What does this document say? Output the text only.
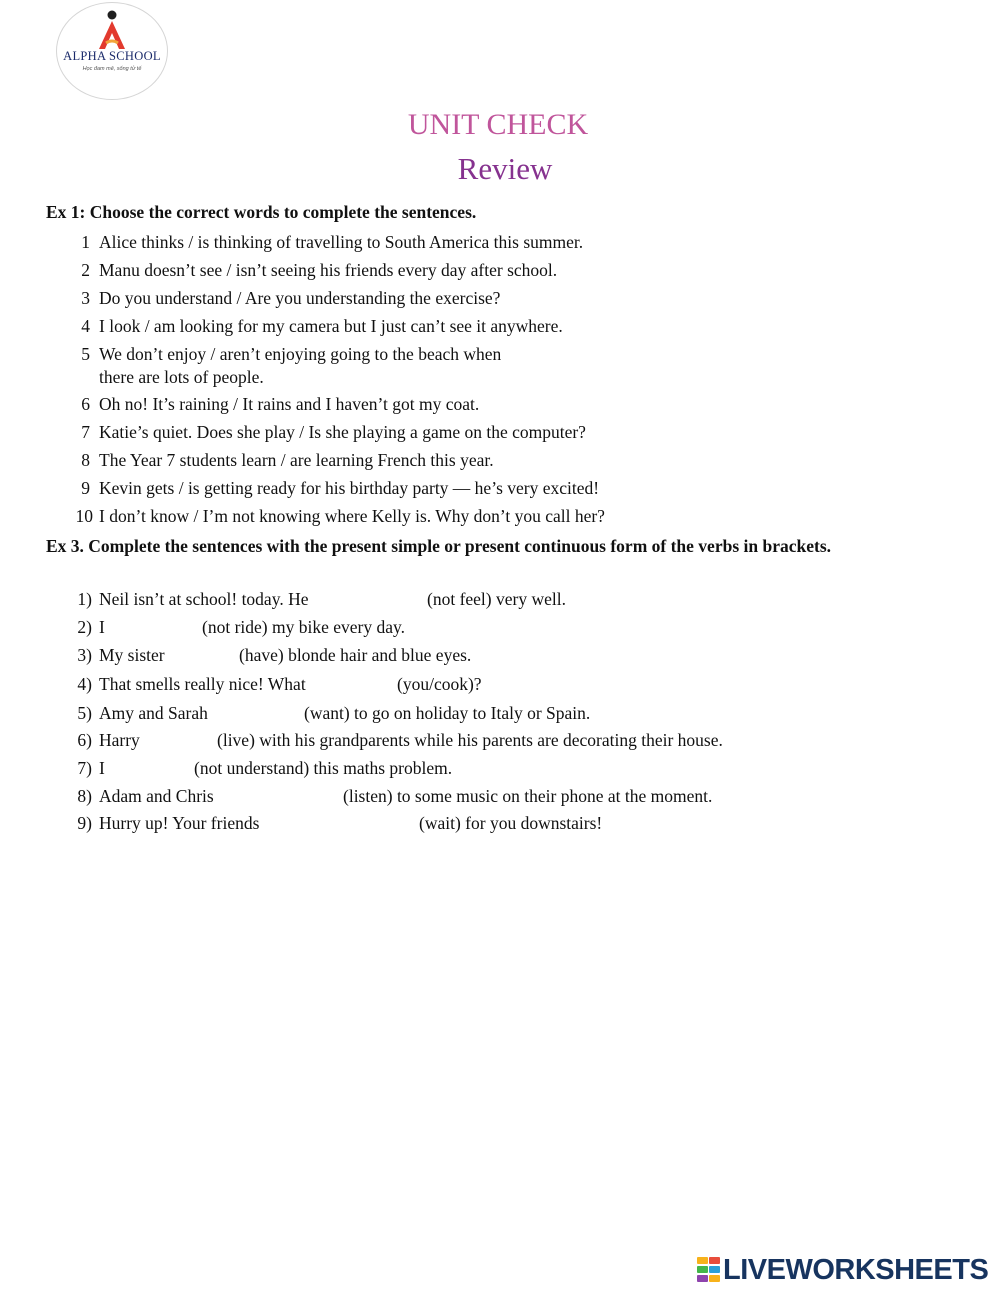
ALPHA SCHOOL
Học đam mê, sống tử tế
UNIT CHECK
Review
Ex 1: Choose the correct words to complete the sentences.
1 Alice thinks / is thinking of travelling to South America this summer.
2 Manu doesn’t see / isn’t seeing his friends every day after school.
3 Do you understand / Are you understanding the exercise?
4 I look / am looking for my camera but I just can’t see it anywhere.
5 We don’t enjoy / aren’t enjoying going to the beach when
there are lots of people.
6 Oh no! It’s raining / It rains and I haven’t got my coat.
7 Katie’s quiet. Does she play / Is she playing a game on the computer?
8 The Year 7 students learn / are learning French this year.
9 Kevin gets / is getting ready for his birthday party — he’s very excited!
10 I don’t know / I’m not knowing where Kelly is. Why don’t you call her?
Ex 3. Complete the sentences with the present simple or present continuous form of the verbs in brackets.
1) Neil isn’t at school! today. He	(not feel) very well.
2) I	(not ride) my bike every day.
3) My sister	(have) blonde hair and blue eyes.
4) That smells really nice! What	(you/cook)?
5) Amy and Sarah	(want) to go on holiday to Italy or Spain.
6) Harry	(live) with his grandparents while his parents are decorating their house.
7) I	(not understand) this maths problem.
8) Adam and Chris	(listen) to some music on their phone at the moment.
9) Hurry up! Your friends	(wait) for you downstairs!
LIVEWORKSHEETS
